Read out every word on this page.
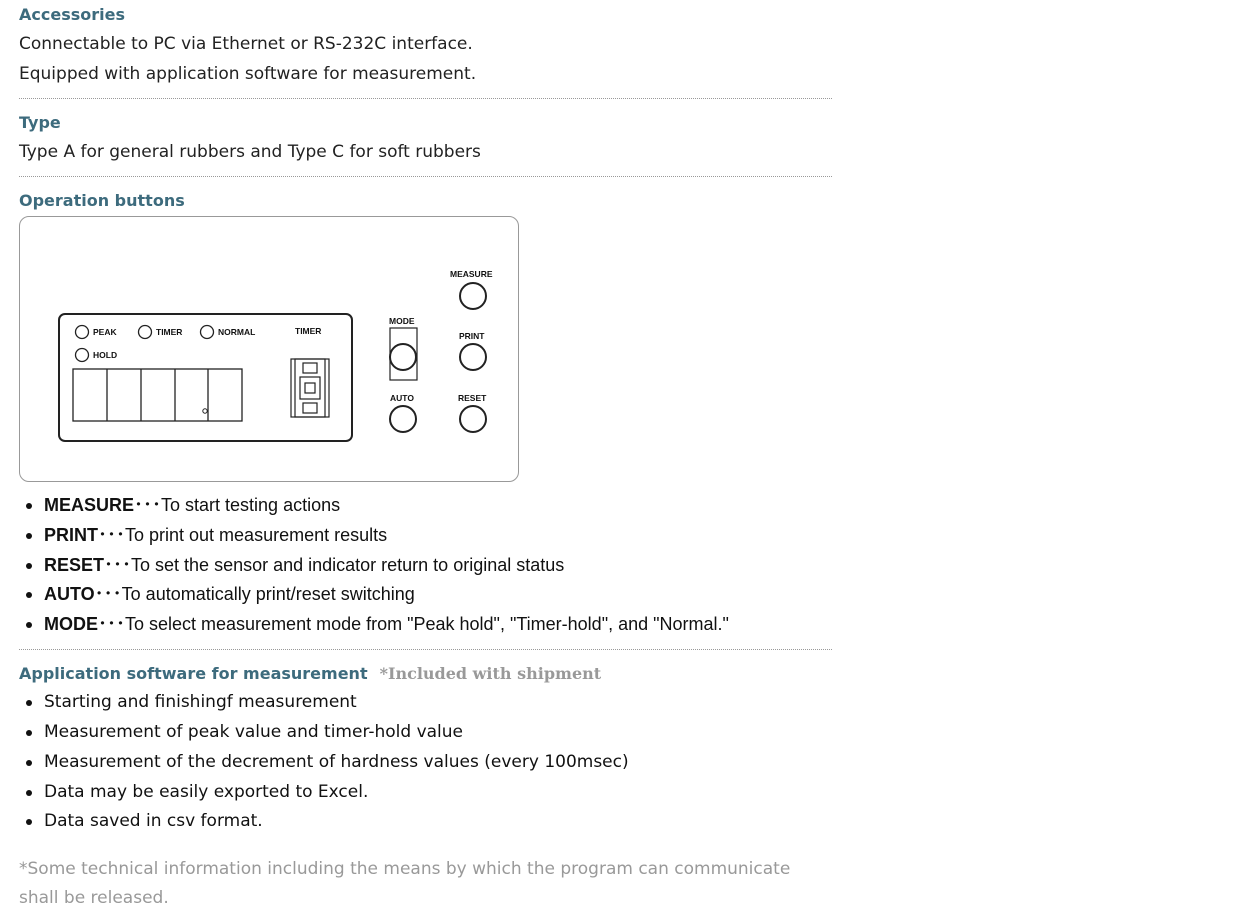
Accessories
Connectable to PC via Ethernet or RS-232C interface.
Equipped with application software for measurement.
Type
Type A for general rubbers and Type C for soft rubbers
Operation buttons
PEAK	TIMER	NORMAL
HOLD
TIMER
MODE
AUTO
MEASURE
PRINT
RESET
MEASURE･･･To start testing actions
PRINT･･･To print out measurement results
RESET･･･To set the sensor and indicator return to original status
AUTO･･･To automatically print/reset switching
MODE･･･To select measurement mode from "Peak hold", "Timer-hold", and "Normal."
Application software for measurement *Included with shipment
Starting and finishingf measurement
Measurement of peak value and timer-hold value
Measurement of the decrement of hardness values (every 100msec)
Data may be easily exported to Excel.
Data saved in csv format.
*Some technical information including the means by which the program can communicate shall be released.
